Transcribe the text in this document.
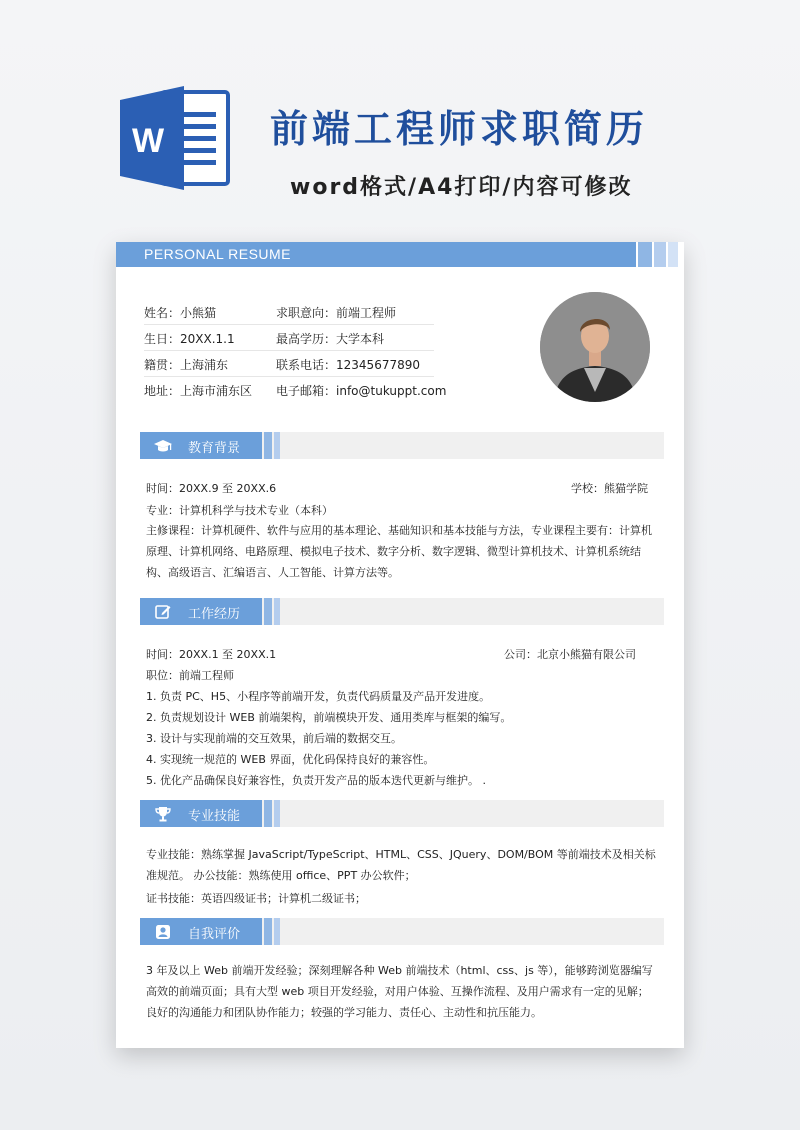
W	前端工程师求职简历
word格式/A4打印/内容可修改
PERSONAL RESUME
姓名：小熊猫	求职意向：前端工程师
生日：20XX.1.1	最高学历：大学本科
籍贯：上海浦东	联系电话：12345677890
地址：上海市浦东区 电子邮箱：info@tukuppt.com
教育背景
时间：20XX.9 至 20XX.6	学校：熊猫学院
专业：计算机科学与技术专业（本科）
主修课程：计算机硬件、软件与应用的基本理论、基础知识和基本技能与方法，专业课程主要有：计算机原理、计算机网络、电路原理、模拟电子技术、数字分析、数字逻辑、微型计算机技术、计算机系统结构、高级语言、汇编语言、人工智能、计算方法等。
工作经历
时间：20XX.1 至 20XX.1	公司：北京小熊猫有限公司
职位：前端工程师
1. 负责 PC、H5、小程序等前端开发，负责代码质量及产品开发进度。
2. 负责规划设计 WEB 前端架构，前端模块开发、通用类库与框架的编写。
3. 设计与实现前端的交互效果，前后端的数据交互。
4. 实现统一规范的 WEB 界面，优化码保持良好的兼容性。
5. 优化产品确保良好兼容性，负责开发产品的版本迭代更新与维护。 .
专业技能
专业技能：熟练掌握 JavaScript/TypeScript、HTML、CSS、JQuery、DOM/BOM 等前端技术及相关标准规范。 办公技能：熟练使用 office、PPT 办公软件；
证书技能：英语四级证书；计算机二级证书；
自我评价
3 年及以上 Web 前端开发经验；深刻理解各种 Web 前端技术（html、css、js 等），能够跨浏览器编写高效的前端页面；具有大型 web 项目开发经验，对用户体验、互操作流程、及用户需求有一定的见解；良好的沟通能力和团队协作能力；较强的学习能力、责任心、主动性和抗压能力。
